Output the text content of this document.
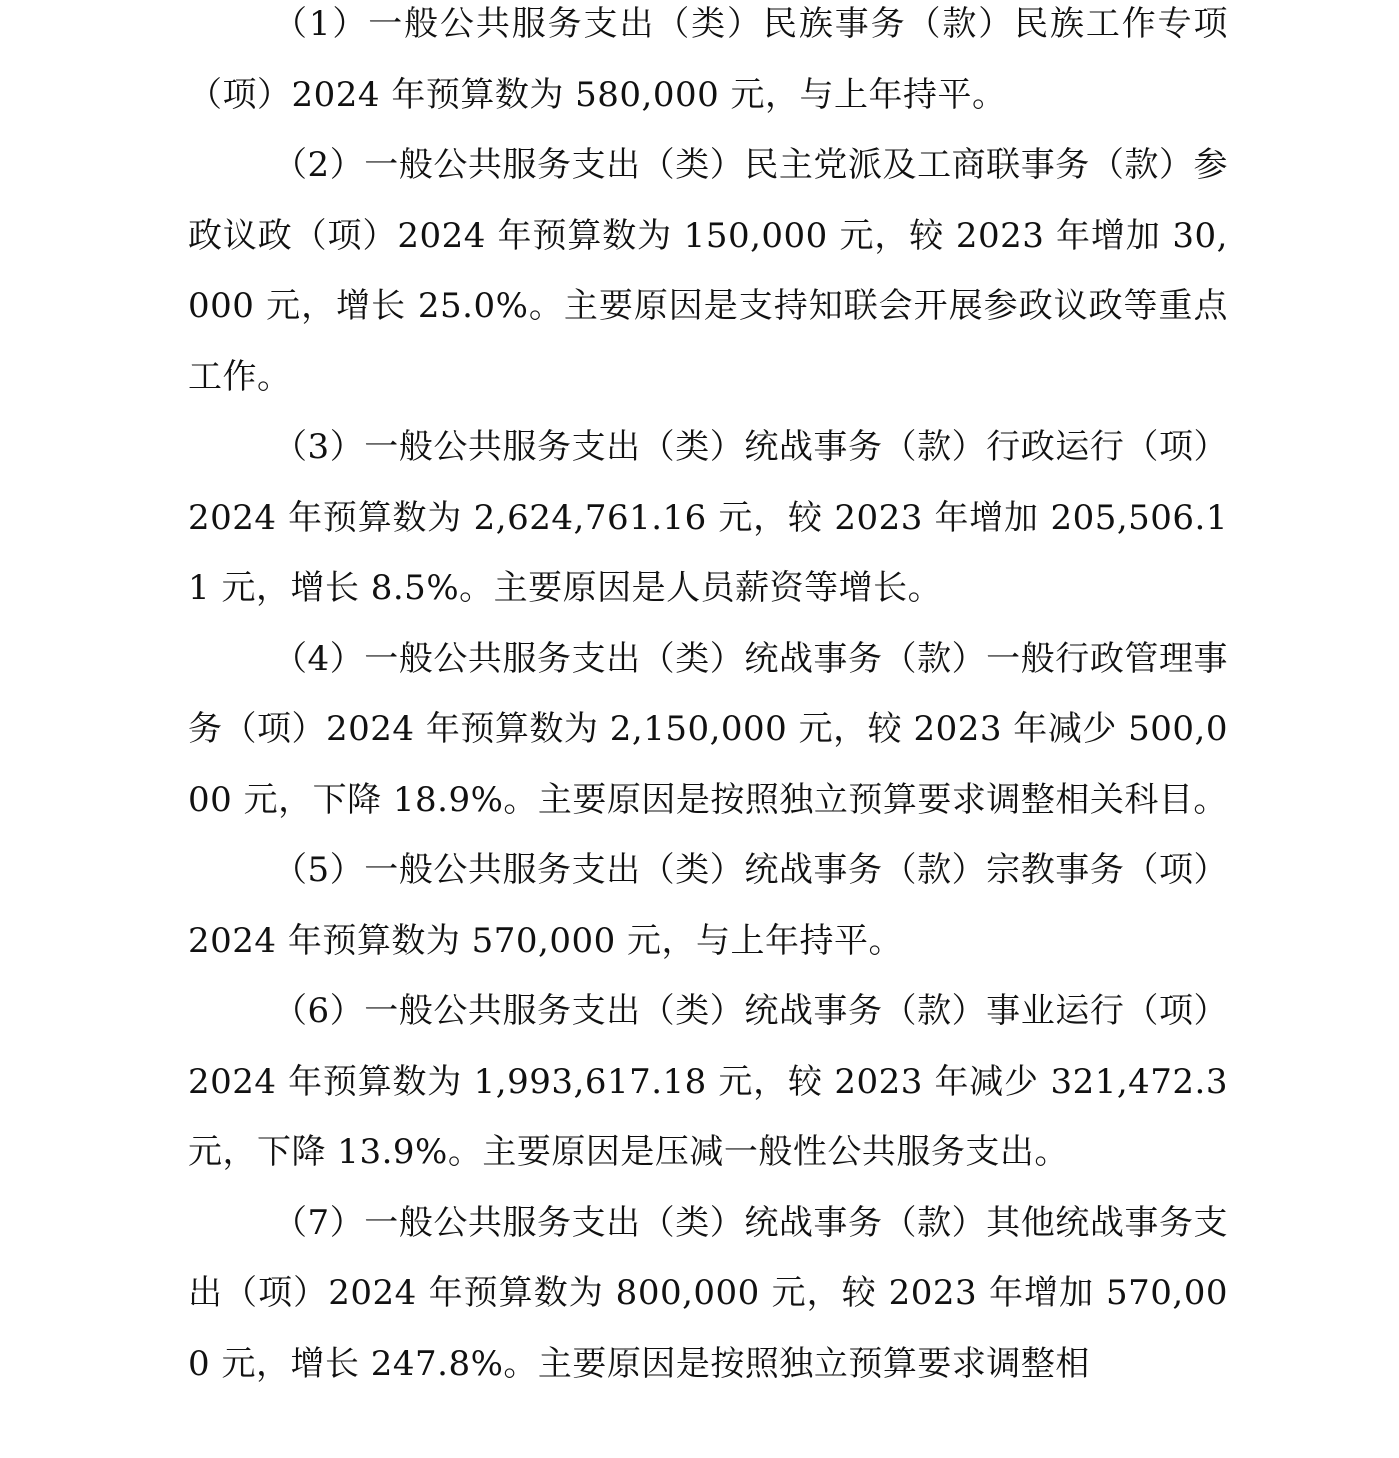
（1）一般公共服务支出（类）民族事务（款）民族工作专项（项）2024 年预算数为 580,000 元，与上年持平。

（2）一般公共服务支出（类）民主党派及工商联事务（款）参政议政（项）2024 年预算数为 150,000 元，较 2023 年增加 30,000 元，增长 25.0%。主要原因是支持知联会开展参政议政等重点工作。

（3）一般公共服务支出（类）统战事务（款）行政运行（项）2024 年预算数为 2,624,761.16 元，较 2023 年增加 205,506.11 元，增长 8.5%。主要原因是人员薪资等增长。

（4）一般公共服务支出（类）统战事务（款）一般行政管理事务（项）2024 年预算数为 2,150,000 元，较 2023 年减少 500,000 元，下降 18.9%。主要原因是按照独立预算要求调整相关科目。

（5）一般公共服务支出（类）统战事务（款）宗教事务（项）2024 年预算数为 570,000 元，与上年持平。

（6）一般公共服务支出（类）统战事务（款）事业运行（项）2024 年预算数为 1,993,617.18 元，较 2023 年减少 321,472.3 元，下降 13.9%。主要原因是压减一般性公共服务支出。

（7）一般公共服务支出（类）统战事务（款）其他统战事务支出（项）2024 年预算数为 800,000 元，较 2023 年增加 570,000 元，增长 247.8%。主要原因是按照独立预算要求调整相
